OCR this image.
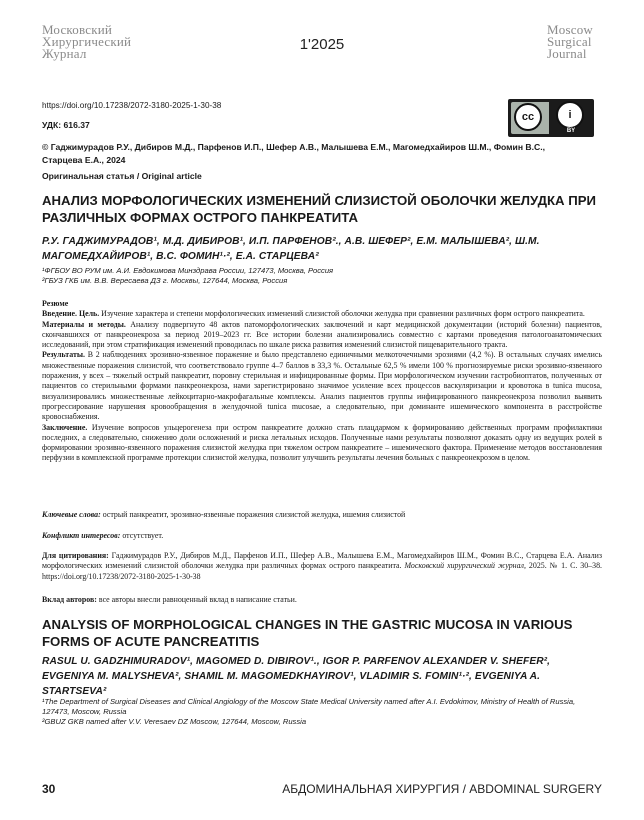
Московский
Хирургический
Журнал
1'2025
Moscow
Surgical
Journal
https://doi.org/10.17238/2072-3180-2025-1-30-38
УДК: 616.37
cc	i
BY
© Гаджимурадов Р.У., Дибиров М.Д., Парфенов И.П., Шефер А.В., Малышева Е.М., Магомедхайиров Ш.М., Фомин В.С., Старцева Е.А., 2024
Оригинальная статья / Original article
АНАЛИЗ МОРФОЛОГИЧЕСКИХ ИЗМЕНЕНИЙ СЛИЗИСТОЙ ОБОЛОЧКИ ЖЕЛУДКА ПРИ РАЗЛИЧНЫХ ФОРМАХ ОСТРОГО ПАНКРЕАТИТА
Р.У. ГАДЖИМУРАДОВ¹, М.Д. ДИБИРОВ¹, И.П. ПАРФЕНОВ²., А.В. ШЕФЕР², Е.М. МАЛЫШЕВА², Ш.М. МАГОМЕДХАЙИРОВ¹, В.С. ФОМИН¹·², Е.А. СТАРЦЕВА²
¹ФГБОУ ВО РУМ им. А.И. Евдокимова Минздрава России, 127473, Москва, Россия
²ГБУЗ ГКБ им. В.В. Вересаева ДЗ г. Москвы, 127644, Москва, Россия

Резюме

Введение. Цель. Изучение характера и степени морфологических изменений слизистой оболочки желудка при сравнении различных форм острого панкреатита.

Материалы и методы. Анализу подвергнуто 48 актов патоморфологических заключений и карт медицинской документации (историй болезни) пациентов, скончавшихся от панкреонекроза за период 2019–2023 гг. Все истории болезни анализировались совместно с картами проведения патологоанатомических исследований, при этом стратификация изменений проводилась по шкале риска развития изменений слизистой пищеварительного тракта.

Результаты. В 2 наблюдениях эрозивно-язвенное поражение и было представлено единичными мелкоточечными эрозиями (4,2 %). В остальных случаях имелись множественные поражения слизистой, что соответствовало группе 4–7 баллов в 33,3 %. Остальные 62,5 % имели 100 % прогнозируемые риски эрозивно-язвенного поражения, у всех – тяжелый острый панкреатит, поровну стерильная и инфицированные формы. При морфологическом изучении гастробиоптатов, полученных от пациентов со стерильными формами панкреонекроза, нами зарегистрировано значимое усиление всех процессов васкуляризации и кровотока в tunica mucosa, визуализировались множественные лейкоцитарно-макрофагальные комплексы. Анализ пациентов группы инфицированного панкреонекроза позволил выявить прогрессирование нарушения кровообращения в желудочной tunica mucosae, а следовательно, при доминанте ишемического компонента в расстройстве кровоснабжения.

Заключение. Изучение вопросов ульцерогенеза при остром панкреатите должно стать плацдармом к формированию действенных программ профилактики последних, а следовательно, снижению доли осложнений и риска летальных исходов. Полученные нами результаты позволяют доказать одну из ведущих ролей в формировании эрозивно-язвенного поражения слизистой желудка при тяжелом остром панкреатите – ишемического фактора. Применение методов восстановления перфузии в комплексной программе протекции слизистой желудка, позволит улучшить результаты лечения больных с панкреонекрозом в целом.

Ключевые слова: острый панкреатит, эрозивно-язвенные поражения слизистой желудка, ишемия слизистой
Конфликт интересов: отсутствует.
Для цитирования: Гаджимурадов Р.У., Дибиров М.Д., Парфенов И.П., Шефер А.В., Малышева Е.М., Магомедхайиров Ш.М., Фомин В.С., Старцева Е.А. Анализ морфологических изменений слизистой оболочки желудка при различных формах острого панкреатита. Московский хирургический журнал, 2025. № 1. С. 30–38. https://doi.org/10.17238/2072-3180-2025-1-30-38
Вклад авторов: все авторы внесли равноценный вклад в написание статьи.
ANALYSIS OF MORPHOLOGICAL CHANGES IN THE GASTRIC MUCOSA IN VARIOUS FORMS OF ACUTE PANCREATITIS
RASUL U. GADZHIMURADOV¹, MAGOMED D. DIBIROV¹., IGOR P. PARFENOV ALEXANDER V. SHEFER², EVGENIYA M. MALYSHEVA², SHAMIL M. MAGOMEDKHAYIROV¹, VLADIMIR S. FOMIN¹·², EVGENIYA A. STARTSEVA²
¹The Department of Surgical Diseases and Clinical Angiology of the Moscow State Medical University named after A.I. Evdokimov, Ministry of Health of Russia, 127473, Moscow, Russia
²GBUZ GKB named after V.V. Veresaev DZ Moscow, 127644, Moscow, Russia
30	АБДОМИНАЛЬНАЯ ХИРУРГИЯ / ABDOMINAL SURGERY
